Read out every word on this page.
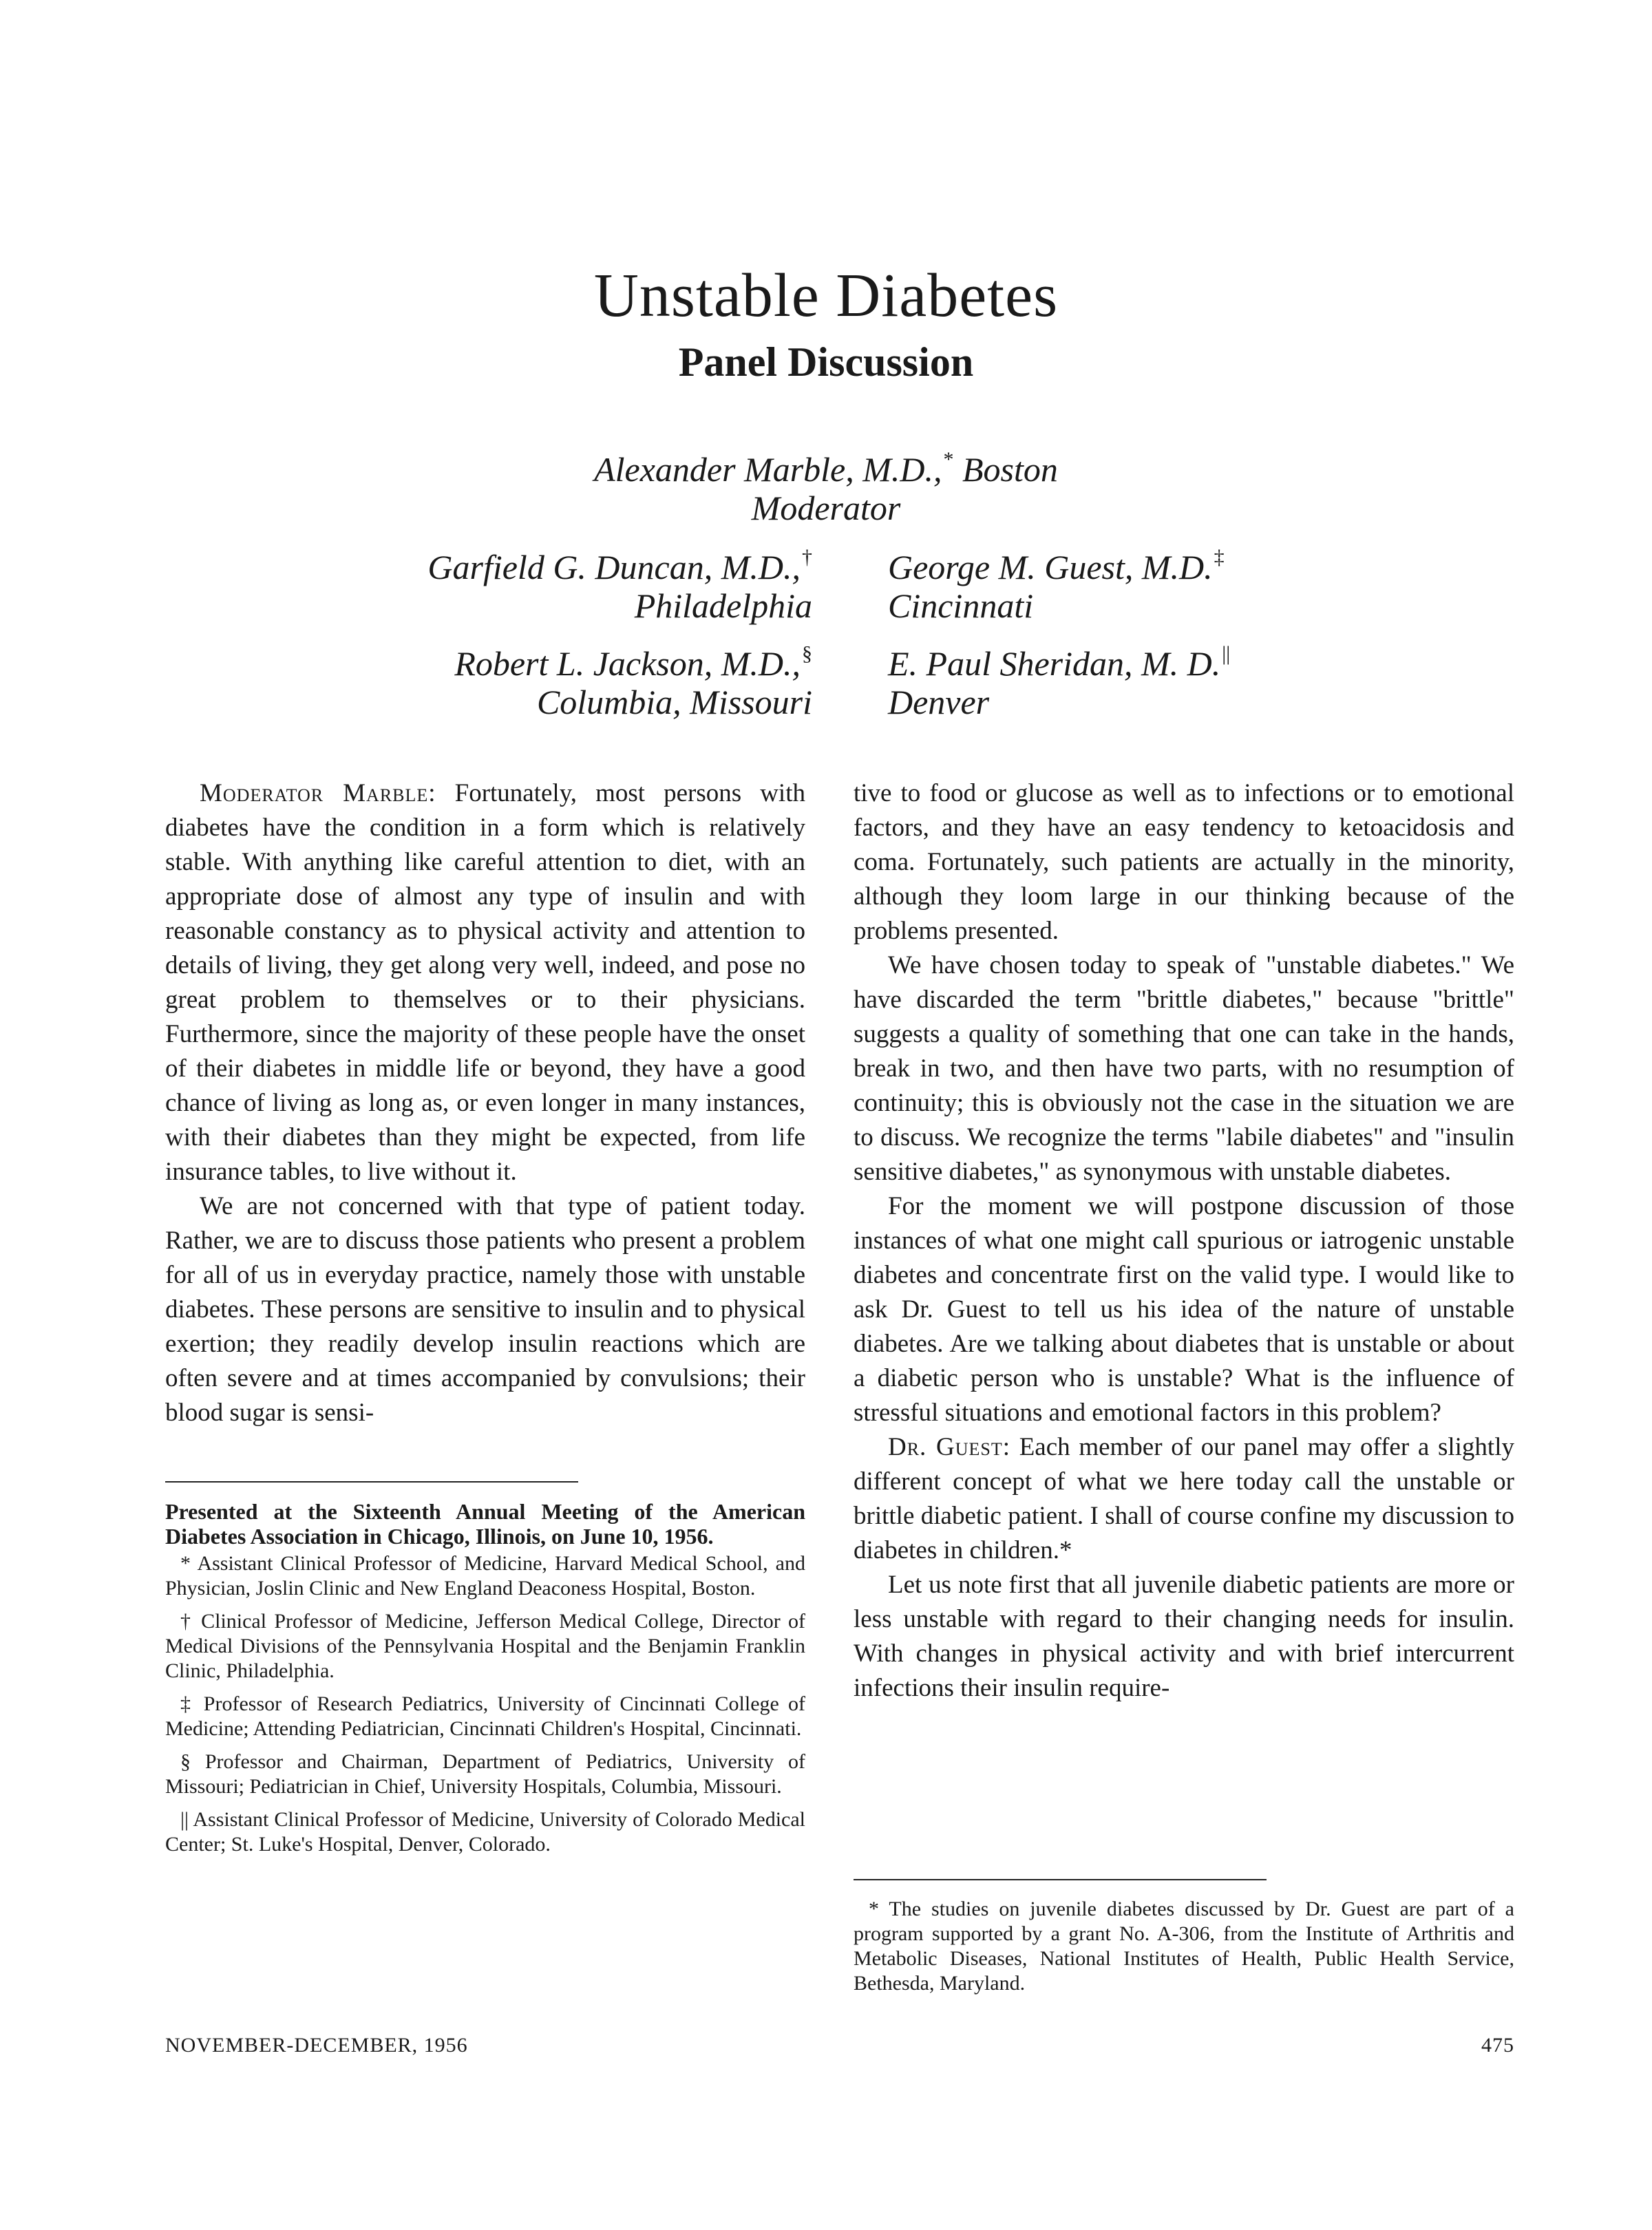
Unstable Diabetes
Panel Discussion
Alexander Marble, M.D.,* Boston
Moderator
Garfield G. Duncan, M.D.,†
Philadelphia
George M. Guest, M.D.‡
Cincinnati
Robert L. Jackson, M.D.,§
Columbia, Missouri
E. Paul Sheridan, M. D.||
Denver

Moderator Marble: Fortunately, most persons with diabetes have the condition in a form which is relatively stable. With anything like careful attention to diet, with an appropriate dose of almost any type of insulin and with reasonable constancy as to physical activity and attention to details of living, they get along very well, indeed, and pose no great problem to themselves or to their physicians. Furthermore, since the majority of these people have the onset of their diabetes in middle life or beyond, they have a good chance of living as long as, or even longer in many instances, with their diabetes than they might be expected, from life insurance tables, to live without it.

We are not concerned with that type of patient today. Rather, we are to discuss those patients who present a problem for all of us in everyday practice, namely those with unstable diabetes. These persons are sensitive to insulin and to physical exertion; they readily develop insulin reactions which are often severe and at times accompanied by convulsions; their blood sugar is sensi-

tive to food or glucose as well as to infections or to emotional factors, and they have an easy tendency to ketoacidosis and coma. Fortunately, such patients are actually in the minority, although they loom large in our thinking because of the problems presented.

We have chosen today to speak of "unstable diabetes." We have discarded the term "brittle diabetes," because "brittle" suggests a quality of something that one can take in the hands, break in two, and then have two parts, with no resumption of continuity; this is obviously not the case in the situation we are to discuss. We recognize the terms "labile diabetes" and "insulin sensitive diabetes," as synonymous with unstable diabetes.

For the moment we will postpone discussion of those instances of what one might call spurious or iatrogenic unstable diabetes and concentrate first on the valid type. I would like to ask Dr. Guest to tell us his idea of the nature of unstable diabetes. Are we talking about diabetes that is unstable or about a diabetic person who is unstable? What is the influence of stressful situations and emotional factors in this problem?

Dr. Guest: Each member of our panel may offer a slightly different concept of what we here today call the unstable or brittle diabetic patient. I shall of course confine my discussion to diabetes in children.*

Let us note first that all juvenile diabetic patients are more or less unstable with regard to their changing needs for insulin. With changes in physical activity and with brief intercurrent infections their insulin require-

Presented at the Sixteenth Annual Meeting of the American Diabetes Association in Chicago, Illinois, on June 10, 1956.

* Assistant Clinical Professor of Medicine, Harvard Medical School, and Physician, Joslin Clinic and New England Deaconess Hospital, Boston.

† Clinical Professor of Medicine, Jefferson Medical College, Director of Medical Divisions of the Pennsylvania Hospital and the Benjamin Franklin Clinic, Philadelphia.

‡ Professor of Research Pediatrics, University of Cincinnati College of Medicine; Attending Pediatrician, Cincinnati Children's Hospital, Cincinnati.

§ Professor and Chairman, Department of Pediatrics, University of Missouri; Pediatrician in Chief, University Hospitals, Columbia, Missouri.

|| Assistant Clinical Professor of Medicine, University of Colorado Medical Center; St. Luke's Hospital, Denver, Colorado.

* The studies on juvenile diabetes discussed by Dr. Guest are part of a program supported by a grant No. A-306, from the Institute of Arthritis and Metabolic Diseases, National Institutes of Health, Public Health Service, Bethesda, Maryland.

NOVEMBER-DECEMBER, 1956	475
